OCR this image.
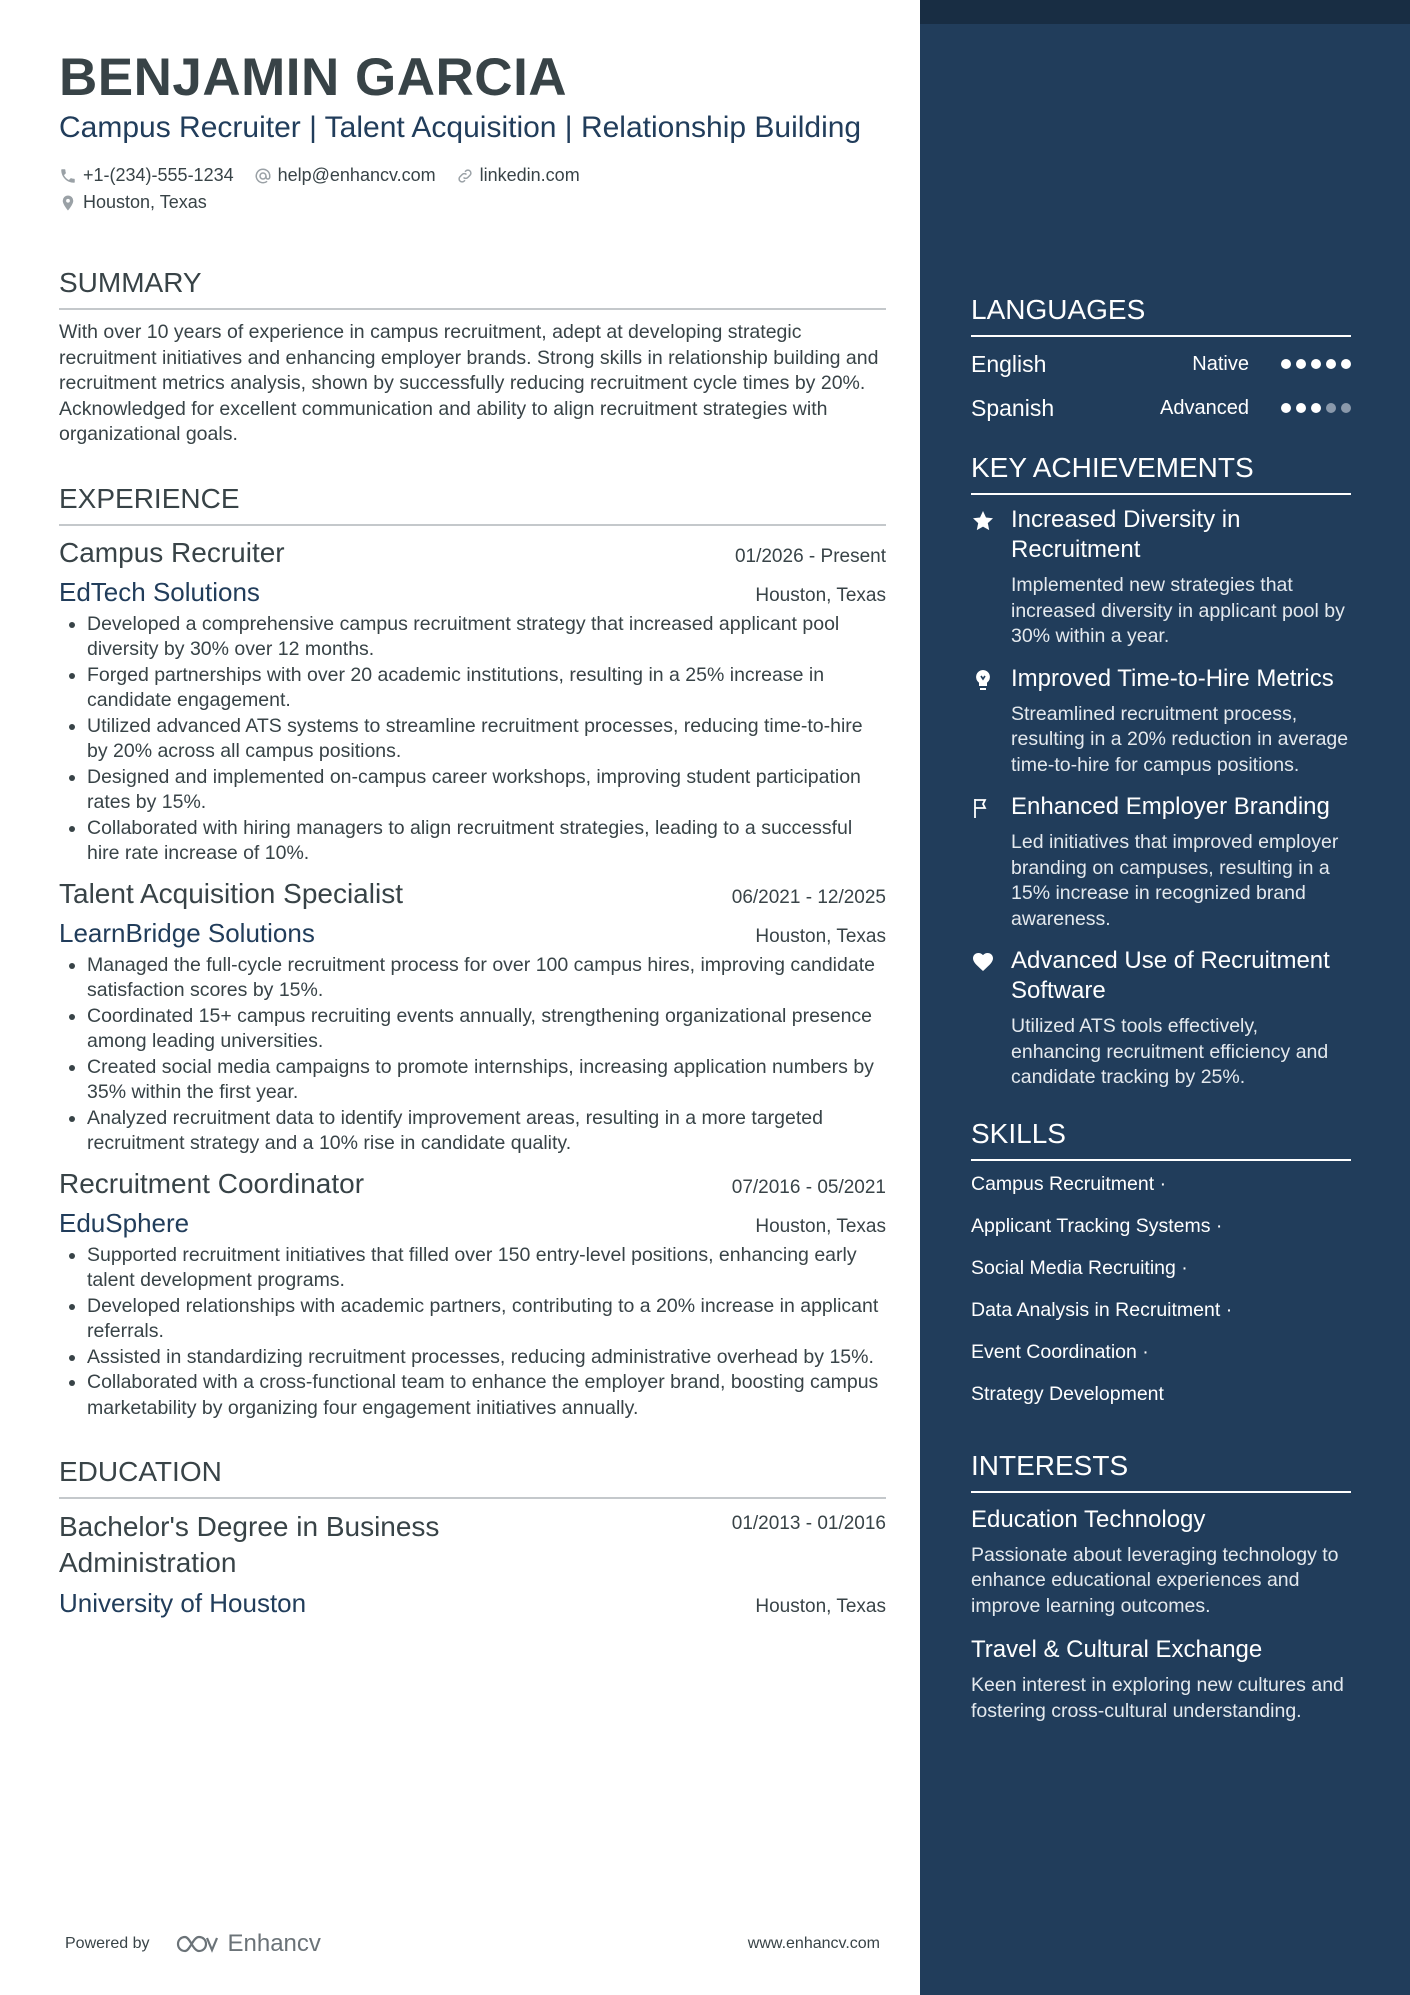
BENJAMIN GARCIA
Campus Recruiter | Talent Acquisition | Relationship Building
+1-(234)-555-1234 help@enhancv.com linkedin.com
Houston, Texas
SUMMARY
With over 10 years of experience in campus recruitment, adept at developing strategic recruitment initiatives and enhancing employer brands. Strong skills in relationship building and recruitment metrics analysis, shown by successfully reducing recruitment cycle times by 20%. Acknowledged for excellent communication and ability to align recruitment strategies with organizational goals.
EXPERIENCE
Campus Recruiter	01/2026 - Present
EdTech Solutions	Houston, Texas
• Developed a comprehensive campus recruitment strategy that increased applicant pool diversity by 30% over 12 months.
• Forged partnerships with over 20 academic institutions, resulting in a 25% increase in candidate engagement.
• Utilized advanced ATS systems to streamline recruitment processes, reducing time-to-hire by 20% across all campus positions.
• Designed and implemented on-campus career workshops, improving student participation rates by 15%.
• Collaborated with hiring managers to align recruitment strategies, leading to a successful hire rate increase of 10%.
Talent Acquisition Specialist	06/2021 - 12/2025
LearnBridge Solutions	Houston, Texas
• Managed the full-cycle recruitment process for over 100 campus hires, improving candidate satisfaction scores by 15%.
• Coordinated 15+ campus recruiting events annually, strengthening organizational presence among leading universities.
• Created social media campaigns to promote internships, increasing application numbers by 35% within the first year.
• Analyzed recruitment data to identify improvement areas, resulting in a more targeted recruitment strategy and a 10% rise in candidate quality.
Recruitment Coordinator	07/2016 - 05/2021
EduSphere	Houston, Texas
• Supported recruitment initiatives that filled over 150 entry-level positions, enhancing early talent development programs.
• Developed relationships with academic partners, contributing to a 20% increase in applicant referrals.
• Assisted in standardizing recruitment processes, reducing administrative overhead by 15%.
• Collaborated with a cross-functional team to enhance the employer brand, boosting campus marketability by organizing four engagement initiatives annually.
EDUCATION
Bachelor's Degree in Business Administration
01/2013 - 01/2016
University of Houston	Houston, Texas
Powered by	Enhancv	www.enhancv.com
LANGUAGES
English	Native
Spanish	Advanced
KEY ACHIEVEMENTS
Increased Diversity in Recruitment
Implemented new strategies that increased diversity in applicant pool by 30% within a year.
Improved Time-to-Hire Metrics
Streamlined recruitment process, resulting in a 20% reduction in average time-to-hire for campus positions.
Enhanced Employer Branding
Led initiatives that improved employer branding on campuses, resulting in a 15% increase in recognized brand awareness.
Advanced Use of Recruitment Software
Utilized ATS tools effectively, enhancing recruitment efficiency and candidate tracking by 25%.
SKILLS
Campus Recruitment ·
Applicant Tracking Systems ·
Social Media Recruiting ·
Data Analysis in Recruitment ·
Event Coordination ·
Strategy Development
INTERESTS
Education Technology
Passionate about leveraging technology to enhance educational experiences and improve learning outcomes.
Travel & Cultural Exchange
Keen interest in exploring new cultures and fostering cross-cultural understanding.
